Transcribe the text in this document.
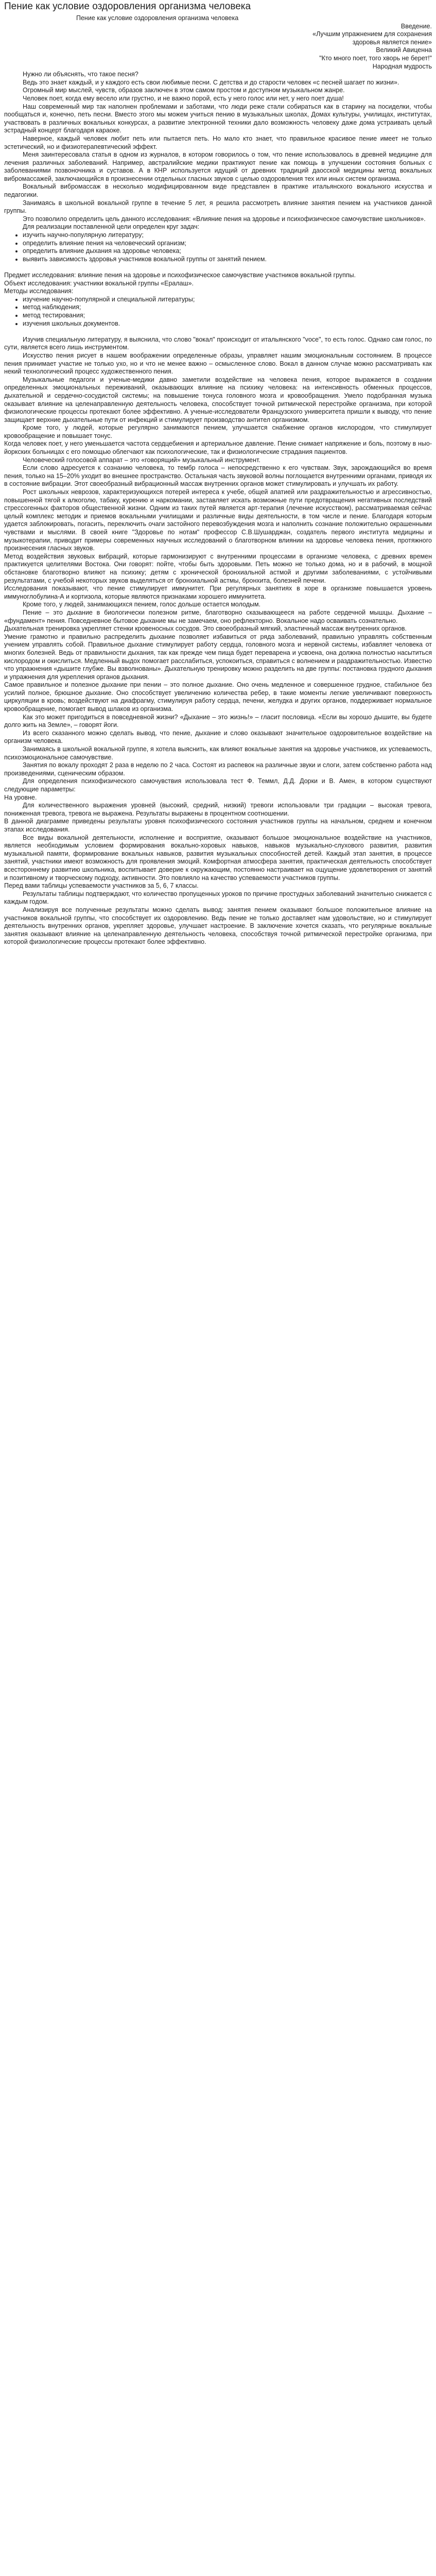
Пение как условие оздоровления организма человека

Пение как условие оздоровления организма человека

Введение.

«Лучшим упражнением для сохранения

здоровья является пение»

Великий Авиценна

"Кто много поет, того хворь не берет!"

Народная мудрость

Нужно ли объяснять, что такое песня?

Ведь это знает каждый, и у каждого есть свои любимые песни. С детства и до старости человек «с песней шагает по жизни».

Огромный мир мыслей, чувств, образов заключен в этом самом простом и доступном музыкальном жанре.

Человек поет, когда ему весело или грустно, и не важно порой, есть у него голос или нет, у него поет душа!

Наш современный мир так наполнен проблемами и заботами, что люди реже стали собираться как в старину на посиделки, чтобы пообщаться и, конечно, петь песни. Вместо этого мы можем учиться пению в музыкальных школах, Домах культуры, училищах, институтах, участвовать в различных вокальных конкурсах, а развитие электронной техники дало возможность человеку даже дома устраивать целый эстрадный концерт благодаря караоке.

Наверное, каждый человек любит петь или пытается петь. Но мало кто знает, что правильное красивое пение имеет не только эстетический, но и физиотерапевтический эффект.

Меня заинтересовала статья в одном из журналов, в котором говорилось о том, что пение использовалось в древней медицине для лечения различных заболеваний. Например, австралийские медики практикуют пение как помощь в улучшении состояния больных с заболеваниями позвоночника и суставов. А в КНР используется идущий от древних традиций даосской медицины метод вокальных вибромассажей, заключающийся в произнесении отдельных гласных звуков с целью оздоровления тех или иных систем организма.

Вокальный вибромассаж в несколько модифицированном виде представлен в практике итальянского вокального искусства и педагогики.

Занимаясь в школьной вокальной группе в течение 5 лет, я решила рассмотреть влияние занятия пением на участников данной группы.

Это позволило определить цель данного исследования: «Влияние пения на здоровье и психофизическое самочувствие школьников».

Для реализации поставленной цели определен круг задач:

• изучить научно-популярную литературу;
• определить влияние пения на человеческий организм;
• определить влияние дыхания на здоровье человека;
• выявить зависимость здоровья участников вокальной группы от занятий пением.

Предмет исследования: влияние пения на здоровье и психофизическое самочувствие участников вокальной группы.

Объект исследования: участники вокальной группы «Ералаш».

Методы исследования:

• изучение научно-популярной и специальной литературы;
• метод наблюдения;
• метод тестирования;
• изучения школьных документов.

Изучив специальную литературу, я выяснила, что слово "вокал" происходит от итальянского "voce", то есть голос. Однако сам голос, по сути, является всего лишь инструментом.

Искусство пения рисует в нашем воображении определенные образы, управляет нашим эмоциональным состоянием. В процессе пения принимает участие не только ухо, но и что не менее важно – осмысленное слово. Вокал в данном случае можно рассматривать как некий технологический процесс художественного пения.

Музыкальные педагоги и ученые-медики давно заметили воздействие на человека пения, которое выражается в создании определенных эмоциональных переживаний, оказывающих влияние на психику человека: на интенсивность обменных процессов, дыхательной и сердечно-сосудистой системы; на повышение тонуса головного мозга и кровообращения. Умело подобранная музыка оказывает влияние на целенаправленную деятельность человека, способствует точной ритмической перестройке организма, при которой физиологические процессы протекают более эффективно. А ученые-исследователи Французского университета пришли к выводу, что пение защищает верхние дыхательные пути от инфекций и стимулирует производство антител организмом.

Кроме того, у людей, которые регулярно занимаются пением, улучшается снабжение органов кислородом, что стимулирует кровообращение и повышает тонус.

Когда человек поет, у него уменьшается частота сердцебиения и артериальное давление. Пение снимает напряжение и боль, поэтому в ныо-йоркских больницах с его помощью облегчают как психологические, так и физиологические страдания пациентов.

Человеческий голосовой аппарат – это «говорящий» музыкальный инструмент.

Если слово адресуется к сознанию человека, то тембр голоса – непосредственно к его чувствам. Звук, зарождающийся во время пения, только на 15–20% уходит во внешнее пространство. Остальная часть звуковой волны поглощается внутренними органами, приводя их в состояние вибрации. Этот своеобразный вибрационный массаж внутренних органов может стимулировать и улучшать их работу.

Рост школьных неврозов, характеризующихся потерей интереса к учебе, общей апатией или раздражительностью и агрессивностью, повышенной тягой к алкоголю, табаку, курению и наркомании, заставляет искать возможные пути предотвращения негативных последствий стрессогенных факторов общественной жизни. Одним из таких путей является арт-терапия (лечение искусством), рассматриваемая сейчас целый комплекс методик и приемов вокальными училищами и различные виды деятельности, в том числе и пение. Благодаря которым удается заблокировать, погасить, переключить очаги застойного перевозбуждения мозга и наполнить сознание положительно окрашенными чувствами и мыслями. В своей книге "Здоровье по нотам" профессор С.В.Шушарджан, создатель первого института медицины и музыкотерапии, приводит примеры современных научных исследований о благотворном влиянии на здоровье человека пения, протяжного произнесения гласных звуков.

Метод воздействия звуковых вибраций, которые гармонизируют с внутренними процессами в организме человека, с древних времен практикуется целителями Востока. Они говорят: пойте, чтобы быть здоровыми. Петь можно не только дома, но и в рабочий, в мощной обстановке благотворно влияют на психику; детям с хронической бронхиальной астмой и другими заболеваниями, с устойчивыми результатами, с учебой некоторых звуков выделяться от бронхиальной астмы, бронхита, болезней печени.

Исследования показывают, что пение стимулирует иммунитет. При регулярных занятиях в хоре в организме повышается уровень иммуноглобулина-А и кортизола, которые являются признаками хорошего иммунитета.

Кроме того, у людей, занимающихся пением, голос дольше остается молодым.

Пение – это дыхание в биологически полезном ритме, благотворно сказывающееся на работе сердечной мышцы. Дыхание – «фундамент» пения. Повседневное бытовое дыхание мы не замечаем, оно рефлекторно. Вокальное надо осваивать сознательно.

Дыхательная тренировка укрепляет стенки кровеносных сосудов. Это своеобразный мягкий, эластичный массаж внутренних органов.

Умение грамотно и правильно распределить дыхание позволяет избавиться от ряда заболеваний, правильно управлять собственным учением управлять собой. Правильное дыхание стимулирует работу сердца, головного мозга и нервной системы, избавляет человека от многих болезней. Ведь от правильности дыхания, так как прежде чем пища будет переварена и усвоена, она должна полностью насытиться кислородом и окислиться. Медленный выдох помогает расслабиться, успокоиться, справиться с волнением и раздражительностью. Известно что упражнения «дышите глубже. Вы взволнованы». Дыхательную тренировку можно разделить на две группы: постановка грудного дыхания и упражнения для укрепления органов дыхания.

Самое правильное и полезное дыхание при пении – это полное дыхание. Оно очень медленное и совершенное грудное, стабильное без усилий полное, брюшное дыхание. Оно способствует увеличению количества ребер, в такие моменты легкие увеличивают поверхность циркуляции в кровь; воздействуют на диафрагму, стимулируя работу сердца, печени, желудка и других органов, поддерживает нормальное кровообращение, помогает вывод шлаков из организма.

Как это может пригодиться в повседневной жизни? «Дыхание – это жизнь!» – гласит пословица. «Если вы хорошо дышите, вы будете долго жить на Земле», – говорят йоги.

Из всего сказанного можно сделать вывод, что пение, дыхание и слово оказывают значительное оздоровительное воздействие на организм человека.

Занимаясь в школьной вокальной группе, я хотела выяснить, как влияют вокальные занятия на здоровье участников, их успеваемость, психоэмоциональное самочувствие.

Занятия по вокалу проходят 2 раза в неделю по 2 часа. Состоят из распевок на различные звуки и слоги, затем собственно работа над произведениями, сценическим образом.

Для определения психофизического самочувствия использовала тест Ф. Теммл, Д.Д. Дорки и В. Амен, в котором существуют следующие параметры:

На уровне.

Для количественного выражения уровней (высокий, средний, низкий) тревоги использовали три градации – высокая тревога, пониженная тревога, тревога не выражена. Результаты выражены в процентном соотношении.

В данной диаграмме приведены результаты уровня психофизического состояния участников группы на начальном, среднем и конечном этапах исследования.

Все виды вокальной деятельности, исполнение и восприятие, оказывают большое эмоциональное воздействие на участников, является необходимым условием формирования вокально-хоровых навыков, навыков музыкально-слухового развития, развития музыкальной памяти, формирование вокальных навыков, развития музыкальных способностей детей. Каждый этап занятия, в процессе занятий, участники имеют возможность для проявления эмоций. Комфортная атмосфера занятия, практическая деятельность способствует всестороннему развитию школьника, воспитывает доверие к окружающим, постоянно настраивает на ощущение удовлетворения от занятий и позитивному и творческому подходу, активности. Это повлияло на качество успеваемости участников группы.

Перед вами таблицы успеваемости участников за 5, 6, 7 классы.

Результаты таблицы подтверждают, что количество пропущенных уроков по причине простудных заболеваний значительно снижается с каждым годом.

Анализируя все полученные результаты можно сделать вывод: занятия пением оказывают большое положительное влияние на участников вокальной группы, что способствует их оздоровлению. Ведь пение не только доставляет нам удовольствие, но и стимулирует деятельность внутренних органов, укрепляет здоровье, улучшает настроение. В заключение хочется сказать, что регулярные вокальные занятия оказывают влияние на целенаправленную деятельность человека, способствуя точной ритмической перестройке организма, при которой физиологические процессы протекают более эффективно.
